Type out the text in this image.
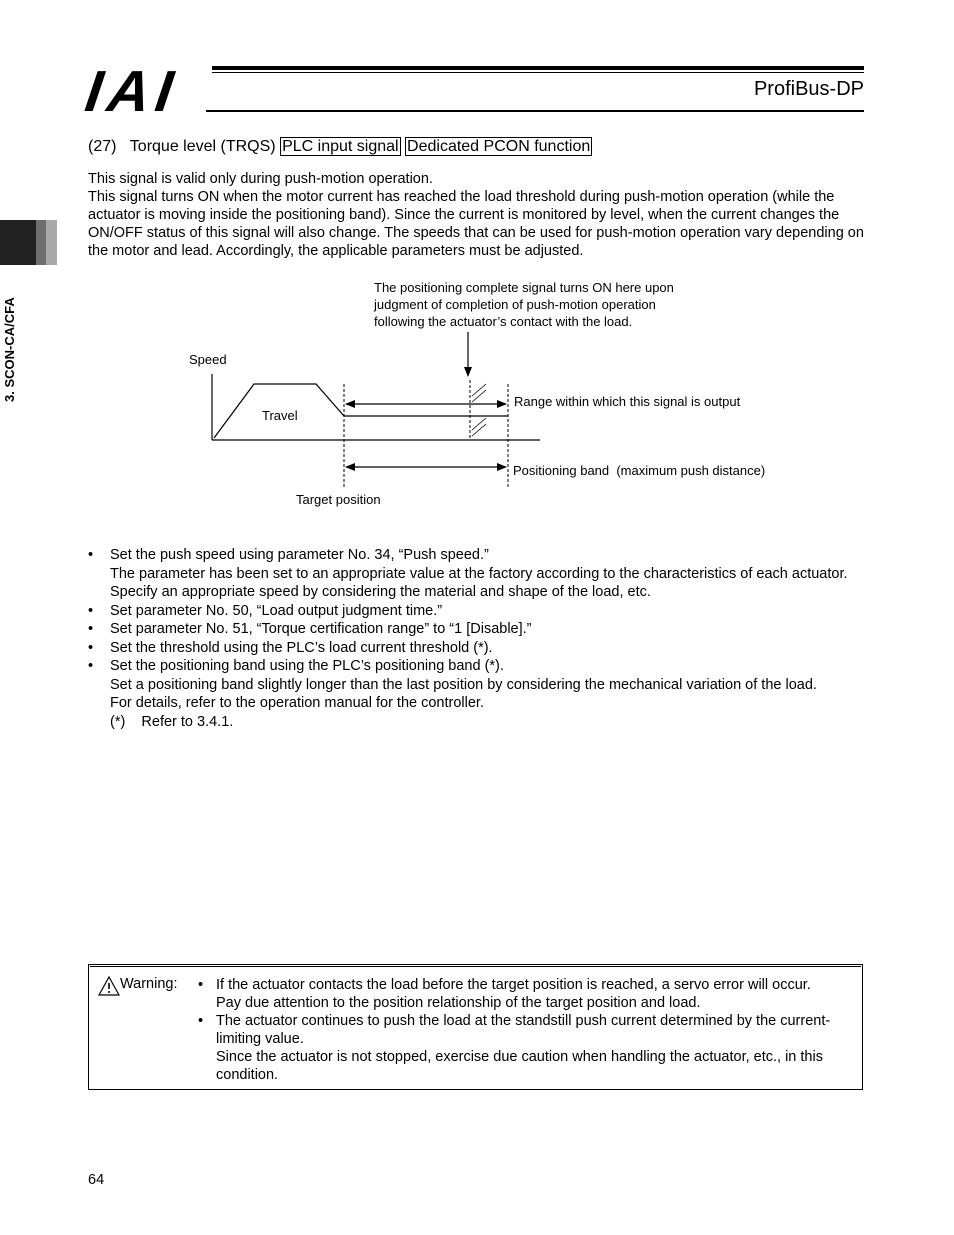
IAI	ProfiBus-DP
3. SCON-CA/CFA
(27)   Torque level (TRQS) PLC input signal Dedicated PCON function
This signal is valid only during push-motion operation.
This signal turns ON when the motor current has reached the load threshold during push-motion operation (while the actuator is moving inside the positioning band). Since the current is monitored by level, when the current changes the ON/OFF status of this signal will also change. The speeds that can be used for push-motion operation vary depending on the motor and lead. Accordingly, the applicable parameters must be adjusted.
The positioning complete signal turns ON here upon
judgment of completion of push-motion operation
following the actuator’s contact with the load.
Speed
Travel
Range within which this signal is output
Positioning band  (maximum push distance)
Target position
• Set the push speed using parameter No. 34, “Push speed.”
The parameter has been set to an appropriate value at the factory according to the characteristics of each actuator.
Specify an appropriate speed by considering the material and shape of the load, etc.
• Set parameter No. 50, “Load output judgment time.”
• Set parameter No. 51, “Torque certification range” to “1 [Disable].”
• Set the threshold using the PLC’s load current threshold (*).
• Set the positioning band using the PLC’s positioning band (*).
Set a positioning band slightly longer than the last position by considering the mechanical variation of the load.
For details, refer to the operation manual for the controller.
(*)    Refer to 3.4.1.
Warning: • If the actuator contacts the load before the target position is reached, a servo error will occur.
Pay due attention to the position relationship of the target position and load.
• The actuator continues to push the load at the standstill push current determined by the current-limiting value.
Since the actuator is not stopped, exercise due caution when handling the actuator, etc., in this condition.
64
